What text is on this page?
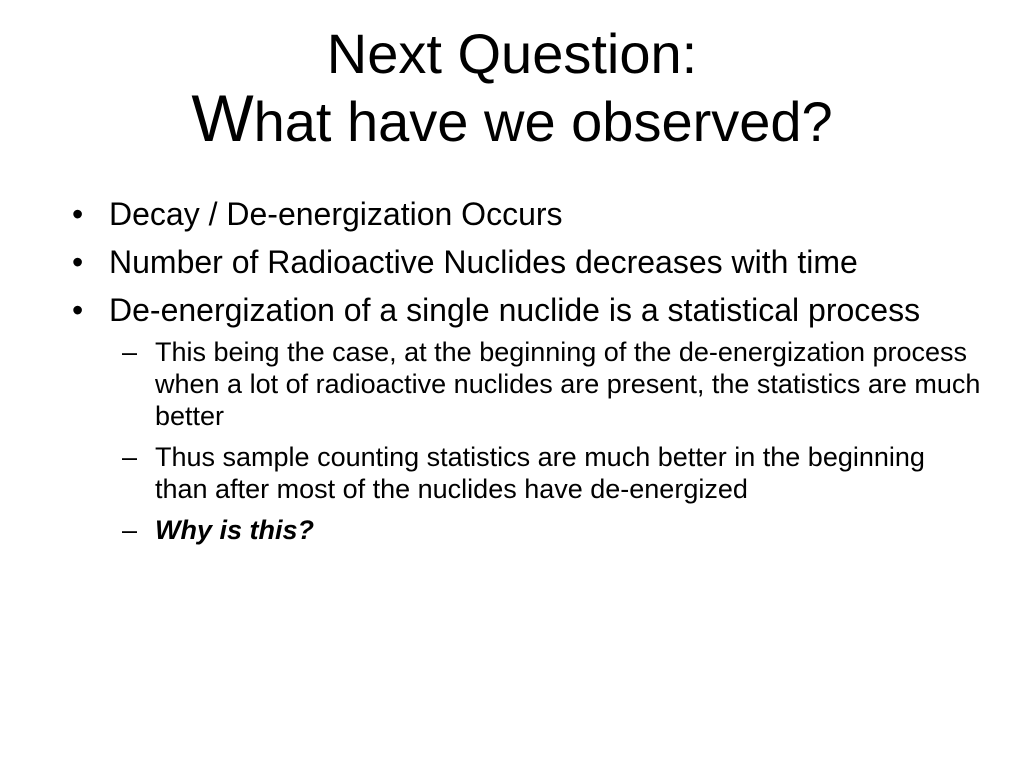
Next Question:
What have we observed?
• Decay / De-energization Occurs
• Number of Radioactive Nuclides decreases with time
• De-energization of a single nuclide is a statistical process
– This being the case, at the beginning of the de-energization process when a lot of radioactive nuclides are present, the statistics are much better
– Thus sample counting statistics are much better in the beginning than after most of the nuclides have de-energized
– Why is this?
